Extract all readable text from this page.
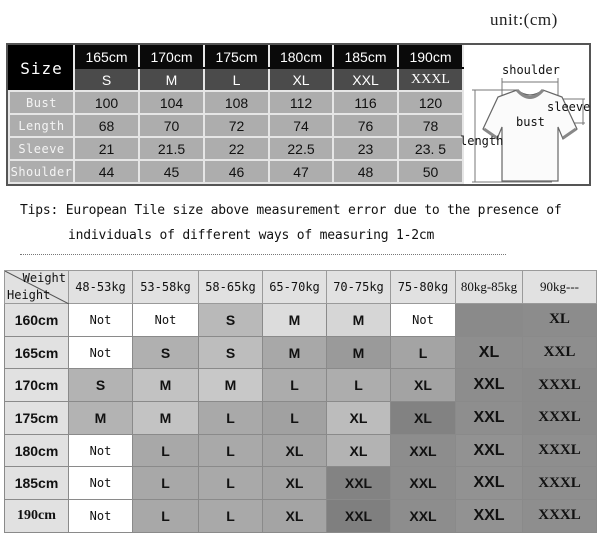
unit:(cm)
Size	165cm	170cm	175cm	180cm	185cm	190cm
	S	M	L	XL	XXL	XXXL
Bust	100	104	108	112	116	120
Length	68	70	72	74	76	78
Sleeve	21	21.5	22	22.5	23	23. 5
Shoulder	44	45	46	47	48	50
shoulder
sleeve
bust
length
Tips: European Tile size above measurement error due to the presence of
individuals of different ways of measuring 1-2cm
Weight
Height	48-53kg	53-58kg	58-65kg	65-70kg	70-75kg	75-80kg	80kg-85kg	90kg---
160cm	Not	Not	S	M	M	Not		XL
165cm	Not	S	S	M	M	L	XL	XXL
170cm	S	M	M	L	L	XL	XXL	XXXL
175cm	M	M	L	L	XL	XL	XXL	XXXL
180cm	Not	L	L	XL	XL	XXL	XXL	XXXL
185cm	Not	L	L	XL	XXL	XXL	XXL	XXXL
190cm	Not	L	L	XL	XXL	XXL	XXL	XXXL
